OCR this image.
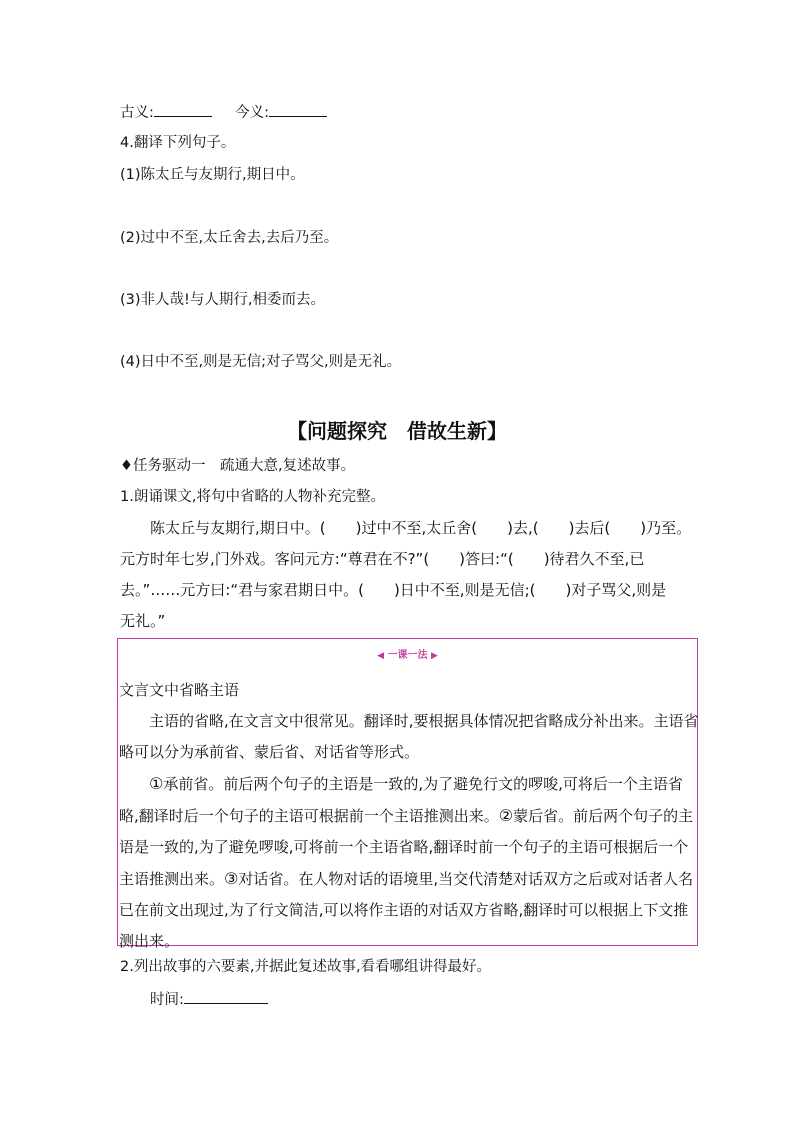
古义:	今义:
4.翻译下列句子。
(1)陈太丘与友期行,期日中。
(2)过中不至,太丘舍去,去后乃至。
(3)非人哉!与人期行,相委而去。
(4)日中不至,则是无信;对子骂父,则是无礼。
【问题探究　借故生新】
♦任务驱动一　疏通大意,复述故事。
1.朗诵课文,将句中省略的人物补充完整。
陈太丘与友期行,期日中。(　　)过中不至,太丘舍(　　)去,(　　)去后(　　)乃至。
元方时年七岁,门外戏。客问元方:“尊君在不?”(　　)答曰:“(　　)待君久不至,已
去。”……元方曰:“君与家君期日中。(　　)日中不至,则是无信;(　　)对子骂父,则是
无礼。”
◀ 一课一法 ▶

文言文中省略主语

主语的省略,在文言文中很常见。翻译时,要根据具体情况把省略成分补出来。主语省略可以分为承前省、蒙后省、对话省等形式。

①承前省。前后两个句子的主语是一致的,为了避免行文的啰唆,可将后一个主语省略,翻译时后一个句子的主语可根据前一个主语推测出来。②蒙后省。前后两个句子的主语是一致的,为了避免啰唆,可将前一个主语省略,翻译时前一个句子的主语可根据后一个主语推测出来。③对话省。在人物对话的语境里,当交代清楚对话双方之后或对话者人名已在前文出现过,为了行文简洁,可以将作主语的对话双方省略,翻译时可以根据上下文推测出来。

2.列出故事的六要素,并据此复述故事,看看哪组讲得最好。
时间:
